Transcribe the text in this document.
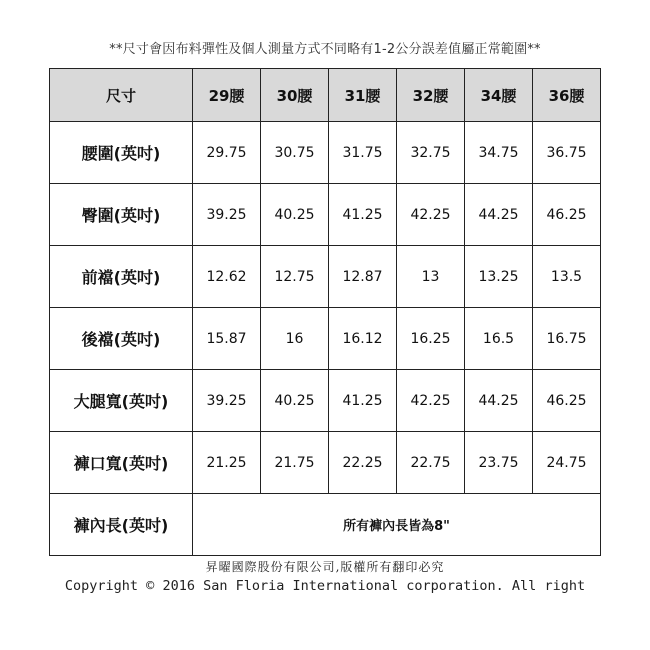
**尺寸會因布料彈性及個人測量方式不同略有1-2公分誤差值屬正常範圍**
尺寸	29腰	30腰	31腰	32腰	34腰	36腰
腰圍(英吋)	29.75	30.75	31.75	32.75	34.75	36.75
臀圍(英吋)	39.25	40.25	41.25	42.25	44.25	46.25
前襠(英吋)	12.62	12.75	12.87	13	13.25	13.5
後襠(英吋)	15.87	16	16.12	16.25	16.5	16.75
大腿寬(英吋)	39.25	40.25	41.25	42.25	44.25	46.25
褲口寬(英吋)	21.25	21.75	22.25	22.75	23.75	24.75
褲內長(英吋)	所有褲內長皆為8"					
昇曜國際股份有限公司,版權所有翻印必究
Copyright © 2016 San Floria International corporation. All right
